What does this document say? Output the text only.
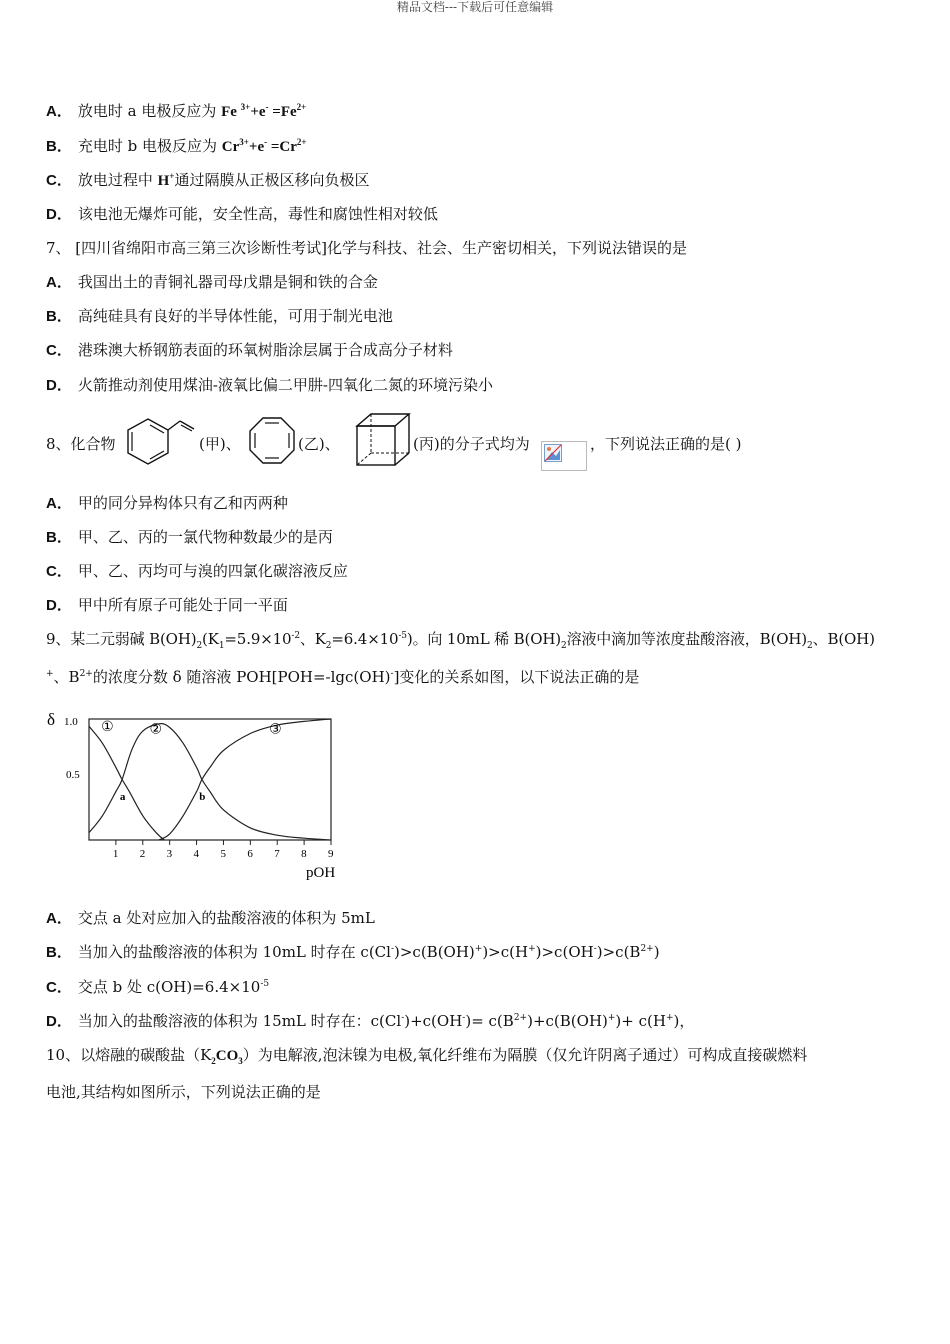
精品文档---下载后可任意编辑
A． 放电时 a 电极反应为 Fe $^{3+}+e^- =Fe^{2+}$
B． 充电时 b 电极反应为 $Cr^{3+}+e^- =Cr^{2+}$
C． 放电过程中 H+通过隔膜从正极区移向负极区
D． 该电池无爆炸可能，安全性高，毒性和腐蚀性相对较低
7、 [四川省绵阳市高三第三次诊断性考试]化学与科技、社会、生产密切相关，下列说法错误的是
A． 我国出土的青铜礼器司母戊鼎是铜和铁的合金
B． 高纯硅具有良好的半导体性能，可用于制光电池
C． 港珠澳大桥钢筋表面的环氧树脂涂层属于合成高分子材料
D． 火箭推动剂使用煤油-液氧比偏二甲肼-四氧化二氮的环境污染小
8、化合物	(甲)、	(乙)、	(丙)的分子式均为	，下列说法正确的是( )
A． 甲的同分异构体只有乙和丙两种
B． 甲、乙、丙的一氯代物种数最少的是丙
C． 甲、乙、丙均可与溴的四氯化碳溶液反应
D． 甲中所有原子可能处于同一平面
9、某二元弱碱 $B(OH)_2(K_1=5.9\times 10^{-2}$、$K_2=6.4\times 10^{-5}$)。向 10mL 稀 $B(OH)_2$溶液中滴加等浓度盐酸溶液，$B(OH)_2$、B(OH)
+、$B^{2+}$的浓度分数 δ 随溶液 POH[POH=-lgc(OH)-]变化的关系如图，以下说法正确的是
δ 1.0
0.5
pOH
1 2 3 4 5 6 7 8 9
①	②	③
a	b
A． 交点 a 处对应加入的盐酸溶液的体积为 5mL
B． 当加入的盐酸溶液的体积为 10mL 时存在 $c(Cl^-)>c(B(OH)^+)>c(H^+)>c(OH^-)>c(B^{2+})$
C． 交点 b 处 $c(OH)=6.4\times 10^{-5}$
D． 当加入的盐酸溶液的体积为 15mL 时存在：$c(Cl^-)+c(OH^-)= c(B^{2+})+c(B(OH)^+)+ c(H^+)$，
10、以熔融的碳酸盐$(K_2CO_3)$为电解液,泡沫镍为电极,氧化纤维布为隔膜（仅允许阴离子通过）可构成直接碳燃料
电池,其结构如图所示，下列说法正确的是
